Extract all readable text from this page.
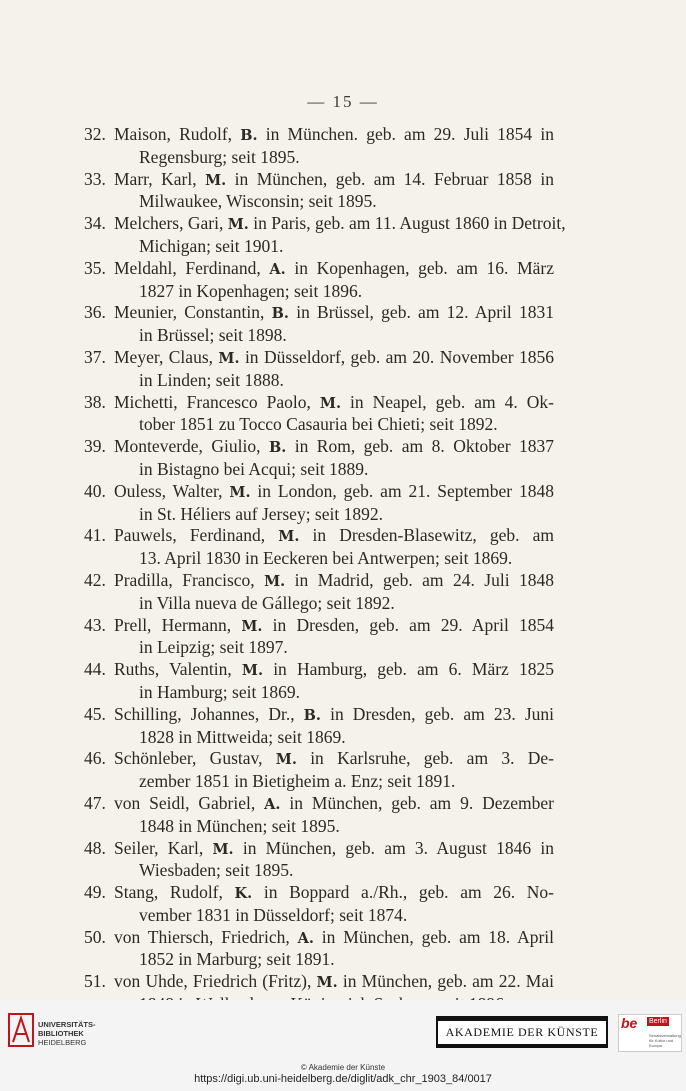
— 15 —
32. Maison, Rudolf, B. in München. geb. am 29. Juli 1854 in
Regensburg; seit 1895.
33. Marr, Karl, M. in München, geb. am 14. Februar 1858 in
Milwaukee, Wisconsin; seit 1895.
34. Melchers, Gari, M. in Paris, geb. am 11. August 1860 in Detroit,
Michigan; seit 1901.
35. Meldahl, Ferdinand, A. in Kopenhagen, geb. am 16. März
1827 in Kopenhagen; seit 1896.
36. Meunier, Constantin, B. in Brüssel, geb. am 12. April 1831
in Brüssel; seit 1898.
37. Meyer, Claus, M. in Düsseldorf, geb. am 20. November 1856
in Linden; seit 1888.
38. Michetti, Francesco Paolo, M. in Neapel, geb. am 4. Ok-
tober 1851 zu Tocco Casauria bei Chieti; seit 1892.
39. Monteverde, Giulio, B. in Rom, geb. am 8. Oktober 1837
in Bistagno bei Acqui; seit 1889.
40. Ouless, Walter, M. in London, geb. am 21. September 1848
in St. Héliers auf Jersey; seit 1892.
41. Pauwels, Ferdinand, M. in Dresden-Blasewitz, geb. am
13. April 1830 in Eeckeren bei Antwerpen; seit 1869.
42. Pradilla, Francisco, M. in Madrid, geb. am 24. Juli 1848
in Villa nueva de Gállego; seit 1892.
43. Prell, Hermann, M. in Dresden, geb. am 29. April 1854
in Leipzig; seit 1897.
44. Ruths, Valentin, M. in Hamburg, geb. am 6. März 1825
in Hamburg; seit 1869.
45. Schilling, Johannes, Dr., B. in Dresden, geb. am 23. Juni
1828 in Mittweida; seit 1869.
46. Schönleber, Gustav, M. in Karlsruhe, geb. am 3. De-
zember 1851 in Bietigheim a. Enz; seit 1891.
47. von Seidl, Gabriel, A. in München, geb. am 9. Dezember
1848 in München; seit 1895.
48. Seiler, Karl, M. in München, geb. am 3. August 1846 in
Wiesbaden; seit 1895.
49. Stang, Rudolf, K. in Boppard a./Rh., geb. am 26. No-
vember 1831 in Düsseldorf; seit 1874.
50. von Thiersch, Friedrich, A. in München, geb. am 18. April
1852 in Marburg; seit 1891.
51. von Uhde, Friedrich (Fritz), M. in München, geb. am 22. Mai
UNIVERSITÄTS-
BIBLIOTHEK
HEIDELBERG
AKADEMIE DER KÜNSTE
be Berlin
Senatsverwaltung für Kultur und Europa
© Akademie der Künste
https://digi.ub.uni-heidelberg.de/diglit/adk_chr_1903_84/0017
